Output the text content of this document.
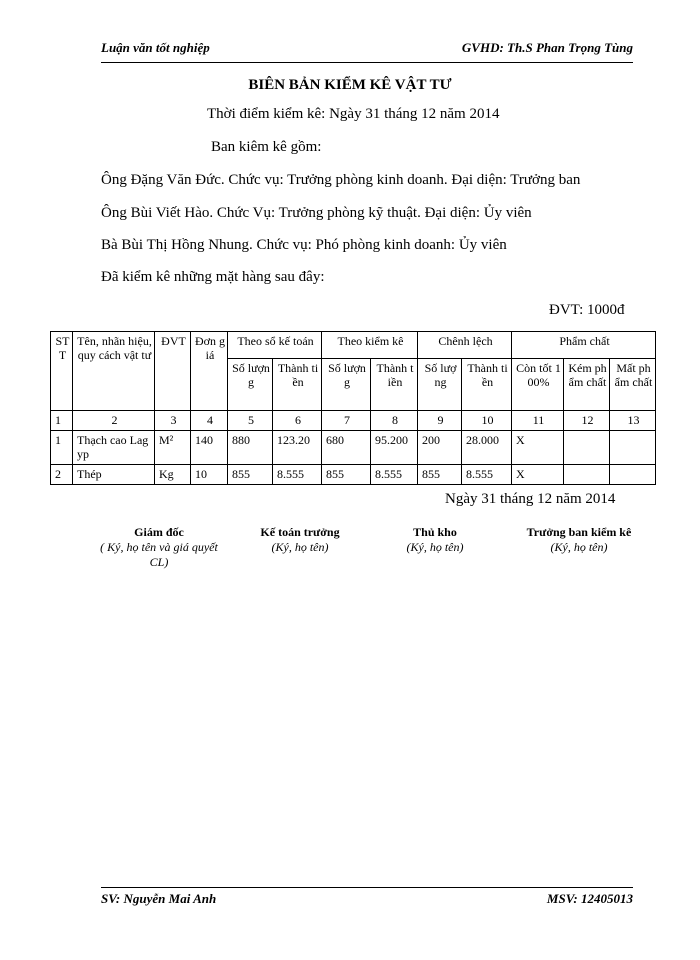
Luận văn tốt nghiệp	GVHD: Th.S Phan Trọng Tùng
BIÊN BẢN KIỂM KÊ VẬT TƯ
Thời điểm kiểm kê: Ngày 31 tháng 12 năm 2014
Ban kiêm kê gồm:
Ông Đặng Văn Đức. Chức vụ: Trưởng phòng kinh doanh. Đại diện: Trưởng ban
Ông Bùi Viết Hào. Chức Vụ: Trưởng phòng kỹ thuật. Đại diện: Ủy viên
Bà Bùi Thị Hồng Nhung. Chức vụ: Phó phòng kinh doanh: Ủy viên
Đã kiểm kê những mặt hàng sau đây:
ĐVT: 1000đ
STT	Tên, nhãn hiệu, quy cách vật tư	ĐVT	Đơn giá	Theo sổ kế toán		Theo kiểm kê		Chênh lệch		Phẩm chất		
				Số lượng	Thành tiền	Số lượng	Thành tiền	Số lượng	Thành tiền	Còn tốt 100%	Kém phẩm chất	Mất phẩm chất
1	2	3	4	5	6	7	8	9	10	11	12	13
1	Thạch cao Lagyp	M²	140	880	123.20	680	95.200	200	28.000	X		
2	Thép	Kg	10	855	8.555	855	8.555	855	8.555	X		
Ngày 31 tháng 12 năm 2014
Giám đốc
( Ký, họ tên và giá quyết CL)
Kế toán trưởng
(Ký, họ tên)
Thủ kho
(Ký, họ tên)
Trưởng ban kiểm kê
(Ký, họ tên)
SV: Nguyễn Mai Anh	MSV: 12405013
